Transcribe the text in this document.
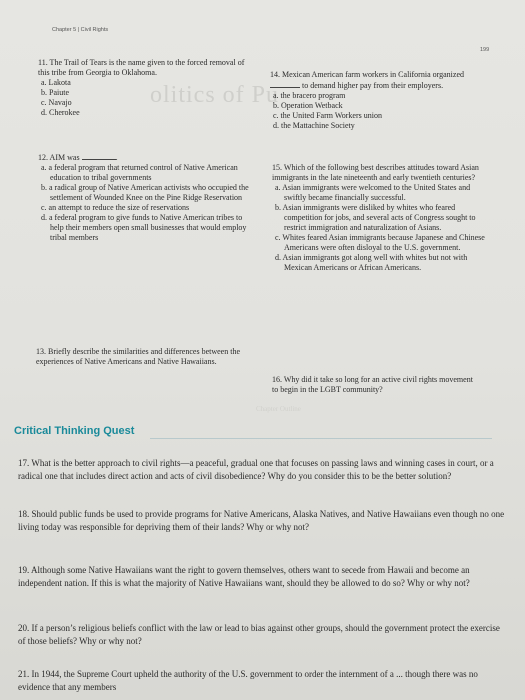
Chapter 5 | Civil Rights
199
olitics of Pu
11. The Trail of Tears is the name given to the forced removal of this tribe from Georgia to Oklahoma.
a. Lakota
b. Paiute
c. Navajo
d. Cherokee
12. AIM was	.
a. a federal program that returned control of Native American education to tribal governments
b. a radical group of Native American activists who occupied the settlement of Wounded Knee on the Pine Ridge Reservation
c. an attempt to reduce the size of reservations
d. a federal program to give funds to Native American tribes to help their members open small businesses that would employ tribal members
13. Briefly describe the similarities and differences between the experiences of Native Americans and Native Hawaiians.
14. Mexican American farm workers in California organized  to demand higher pay from their employers.
a. the bracero program
b. Operation Wetback
c. the United Farm Workers union
d. the Mattachine Society
15. Which of the following best describes attitudes toward Asian immigrants in the late nineteenth and early twentieth centuries?
a. Asian immigrants were welcomed to the United States and swiftly became financially successful.
b. Asian immigrants were disliked by whites who feared competition for jobs, and several acts of Congress sought to restrict immigration and naturalization of Asians.
c. Whites feared Asian immigrants because Japanese and Chinese Americans were often disloyal to the U.S. government.
d. Asian immigrants got along well with whites but not with Mexican Americans or African Americans.
16. Why did it take so long for an active civil rights movement to begin in the LGBT community?
Chapter Outline
Critical Thinking Quest
17. What is the better approach to civil rights—a peaceful, gradual one that focuses on passing laws and winning cases in court, or a radical one that includes direct action and acts of civil disobedience? Why do you consider this to be the better solution?
18. Should public funds be used to provide programs for Native Americans, Alaska Natives, and Native Hawaiians even though no one living today was responsible for depriving them of their lands? Why or why not?
19. Although some Native Hawaiians want the right to govern themselves, others want to secede from Hawaii and become an independent nation. If this is what the majority of Native Hawaiians want, should they be allowed to do so? Why or why not?
20. If a person’s religious beliefs conflict with the law or lead to bias against other groups, should the government protect the exercise of those beliefs? Why or why not?
21. In 1944, the Supreme Court upheld the authority of the U.S. government to order the internment of a ... though there was no evidence that any members
